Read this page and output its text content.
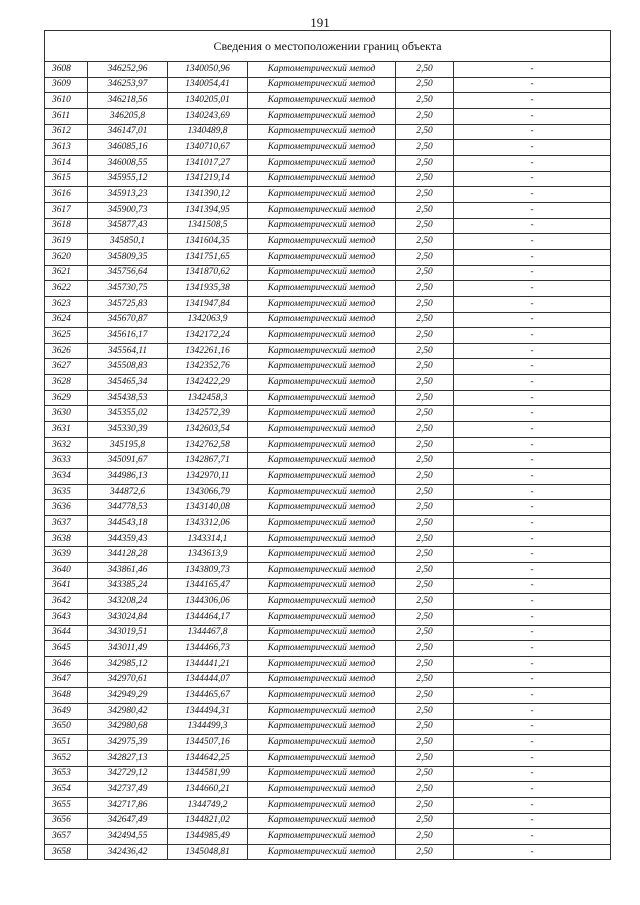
191
Сведения о местоположении границ объекта					
3608	346252,96	1340050,96	Картометрический метод	2,50	-
3609	346253,97	1340054,41	Картометрический метод	2,50	-
3610	346218,56	1340205,01	Картометрический метод	2,50	-
3611	346205,8	1340243,69	Картометрический метод	2,50	-
3612	346147,01	1340489,8	Картометрический метод	2,50	-
3613	346085,16	1340710,67	Картометрический метод	2,50	-
3614	346008,55	1341017,27	Картометрический метод	2,50	-
3615	345955,12	1341219,14	Картометрический метод	2,50	-
3616	345913,23	1341390,12	Картометрический метод	2,50	-
3617	345900,73	1341394,95	Картометрический метод	2,50	-
3618	345877,43	1341508,5	Картометрический метод	2,50	-
3619	345850,1	1341604,35	Картометрический метод	2,50	-
3620	345809,35	1341751,65	Картометрический метод	2,50	-
3621	345756,64	1341870,62	Картометрический метод	2,50	-
3622	345730,75	1341935,38	Картометрический метод	2,50	-
3623	345725,83	1341947,84	Картометрический метод	2,50	-
3624	345670,87	1342063,9	Картометрический метод	2,50	-
3625	345616,17	1342172,24	Картометрический метод	2,50	-
3626	345564,11	1342261,16	Картометрический метод	2,50	-
3627	345508,83	1342352,76	Картометрический метод	2,50	-
3628	345465,34	1342422,29	Картометрический метод	2,50	-
3629	345438,53	1342458,3	Картометрический метод	2,50	-
3630	345355,02	1342572,39	Картометрический метод	2,50	-
3631	345330,39	1342603,54	Картометрический метод	2,50	-
3632	345195,8	1342762,58	Картометрический метод	2,50	-
3633	345091,67	1342867,71	Картометрический метод	2,50	-
3634	344986,13	1342970,11	Картометрический метод	2,50	-
3635	344872,6	1343066,79	Картометрический метод	2,50	-
3636	344778,53	1343140,08	Картометрический метод	2,50	-
3637	344543,18	1343312,06	Картометрический метод	2,50	-
3638	344359,43	1343314,1	Картометрический метод	2,50	-
3639	344128,28	1343613,9	Картометрический метод	2,50	-
3640	343861,46	1343809,73	Картометрический метод	2,50	-
3641	343385,24	1344165,47	Картометрический метод	2,50	-
3642	343208,24	1344306,06	Картометрический метод	2,50	-
3643	343024,84	1344464,17	Картометрический метод	2,50	-
3644	343019,51	1344467,8	Картометрический метод	2,50	-
3645	343011,49	1344466,73	Картометрический метод	2,50	-
3646	342985,12	1344441,21	Картометрический метод	2,50	-
3647	342970,61	1344444,07	Картометрический метод	2,50	-
3648	342949,29	1344465,67	Картометрический метод	2,50	-
3649	342980,42	1344494,31	Картометрический метод	2,50	-
3650	342980,68	1344499,3	Картометрический метод	2,50	-
3651	342975,39	1344507,16	Картометрический метод	2,50	-
3652	342827,13	1344642,25	Картометрический метод	2,50	-
3653	342729,12	1344581,99	Картометрический метод	2,50	-
3654	342737,49	1344660,21	Картометрический метод	2,50	-
3655	342717,86	1344749,2	Картометрический метод	2,50	-
3656	342647,49	1344821,02	Картометрический метод	2,50	-
3657	342494,55	1344985,49	Картометрический метод	2,50	-
3658	342436,42	1345048,81	Картометрический метод	2,50	-
